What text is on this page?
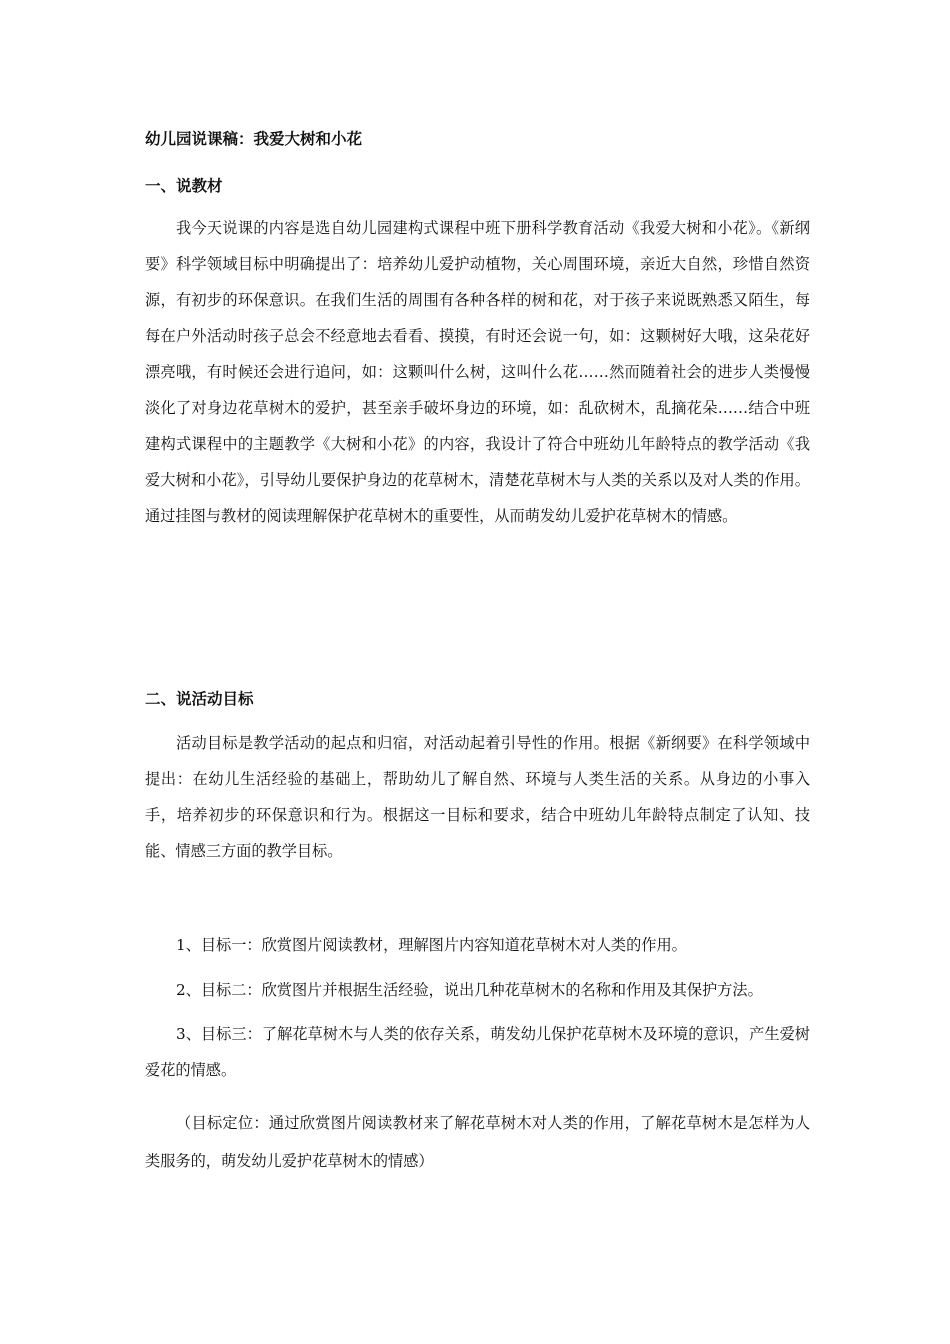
幼儿园说课稿：我爱大树和小花
一、说教材

我今天说课的内容是选自幼儿园建构式课程中班下册科学教育活动《我爱大树和小花》。《新纲要》科学领域目标中明确提出了：培养幼儿爱护动植物，关心周围环境，亲近大自然，珍惜自然资源，有初步的环保意识。在我们生活的周围有各种各样的树和花，对于孩子来说既熟悉又陌生，每每在户外活动时孩子总会不经意地去看看、摸摸，有时还会说一句，如：这颗树好大哦，这朵花好漂亮哦，有时候还会进行追问，如：这颗叫什么树，这叫什么花……然而随着社会的进步人类慢慢淡化了对身边花草树木的爱护，甚至亲手破坏身边的环境，如：乱砍树木，乱摘花朵……结合中班建构式课程中的主题教学《大树和小花》的内容，我设计了符合中班幼儿年龄特点的教学活动《我爱大树和小花》，引导幼儿要保护身边的花草树木，清楚花草树木与人类的关系以及对人类的作用。通过挂图与教材的阅读理解保护花草树木的重要性，从而萌发幼儿爱护花草树木的情感。

二、说活动目标

活动目标是教学活动的起点和归宿，对活动起着引导性的作用。根据《新纲要》在科学领域中提出：在幼儿生活经验的基础上，帮助幼儿了解自然、环境与人类生活的关系。从身边的小事入手，培养初步的环保意识和行为。根据这一目标和要求，结合中班幼儿年龄特点制定了认知、技能、情感三方面的教学目标。

1、目标一：欣赏图片阅读教材，理解图片内容知道花草树木对人类的作用。

2、目标二：欣赏图片并根据生活经验，说出几种花草树木的名称和作用及其保护方法。

3、目标三：了解花草树木与人类的依存关系，萌发幼儿保护花草树木及环境的意识，产生爱树爱花的情感。

（目标定位：通过欣赏图片阅读教材来了解花草树木对人类的作用，了解花草树木是怎样为人类服务的，萌发幼儿爱护花草树木的情感）
